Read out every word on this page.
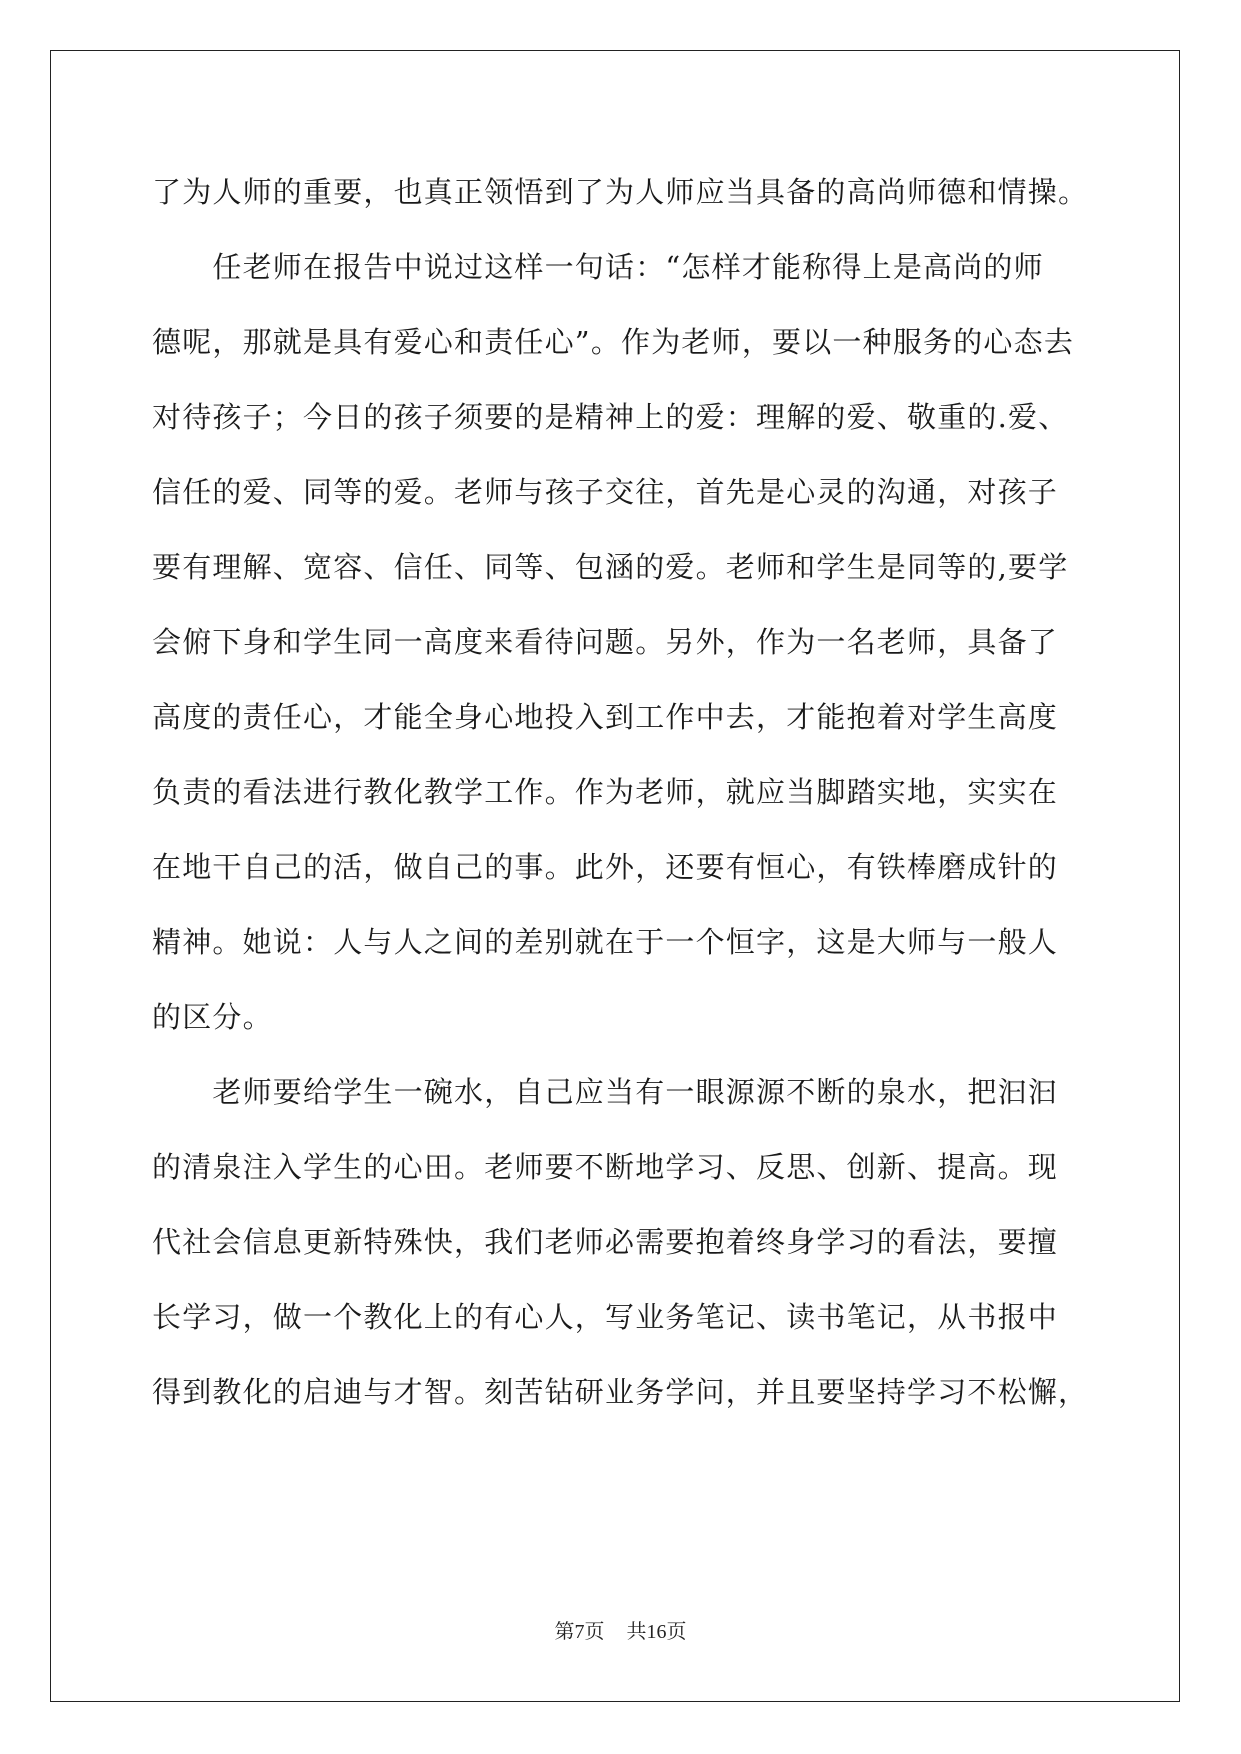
了为人师的重要，也真正领悟到了为人师应当具备的高尚师德和情操。
　　任老师在报告中说过这样一句话：“怎样才能称得上是高尚的师
德呢，那就是具有爱心和责任心”。作为老师，要以一种服务的心态去
对待孩子；今日的孩子须要的是精神上的爱：理解的爱、敬重的.爱、
信任的爱、同等的爱。老师与孩子交往，首先是心灵的沟通，对孩子
要有理解、宽容、信任、同等、包涵的爱。老师和学生是同等的,要学
会俯下身和学生同一高度来看待问题。另外，作为一名老师，具备了
高度的责任心，才能全身心地投入到工作中去，才能抱着对学生高度
负责的看法进行教化教学工作。作为老师，就应当脚踏实地，实实在
在地干自己的活，做自己的事。此外，还要有恒心，有铁棒磨成针的
精神。她说：人与人之间的差别就在于一个恒字，这是大师与一般人
的区分。
　　老师要给学生一碗水，自己应当有一眼源源不断的泉水，把汩汩
的清泉注入学生的心田。老师要不断地学习、反思、创新、提高。现
代社会信息更新特殊快，我们老师必需要抱着终身学习的看法，要擅
长学习，做一个教化上的有心人，写业务笔记、读书笔记，从书报中
得到教化的启迪与才智。刻苦钻研业务学问，并且要坚持学习不松懈，
第7页 共16页
